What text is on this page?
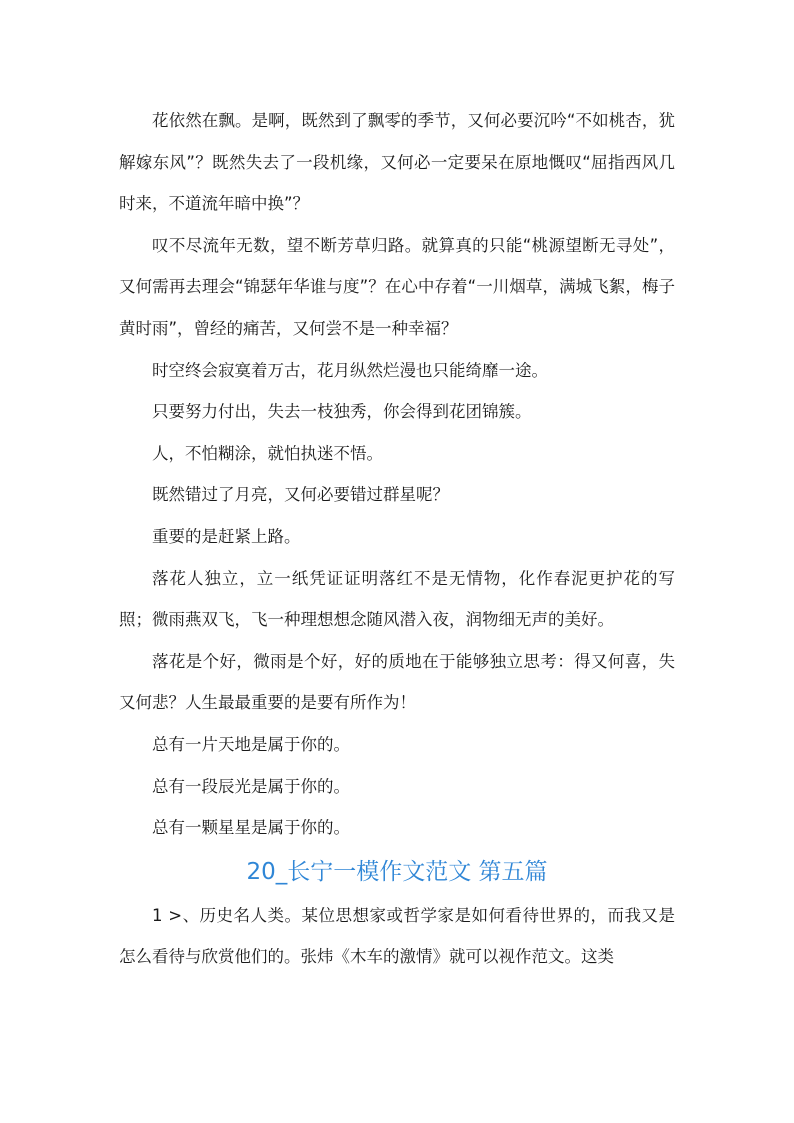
花依然在飘。是啊，既然到了飘零的季节，又何必要沉吟“不如桃杏，犹解嫁东风”？既然失去了一段机缘，又何必一定要呆在原地慨叹“屈指西风几时来，不道流年暗中换”？

叹不尽流年无数，望不断芳草归路。就算真的只能“桃源望断无寻处”，又何需再去理会“锦瑟年华谁与度”？在心中存着“一川烟草，满城飞絮，梅子黄时雨”，曾经的痛苦，又何尝不是一种幸福？

时空终会寂寞着万古，花月纵然烂漫也只能绮靡一途。

只要努力付出，失去一枝独秀，你会得到花团锦簇。

人，不怕糊涂，就怕执迷不悟。

既然错过了月亮，又何必要错过群星呢？

重要的是赶紧上路。

落花人独立，立一纸凭证证明落红不是无情物，化作春泥更护花的写照；微雨燕双飞，飞一种理想想念随风潜入夜，润物细无声的美好。

落花是个好，微雨是个好，好的质地在于能够独立思考：得又何喜，失又何悲？人生最最重要的是要有所作为！

总有一片天地是属于你的。

总有一段辰光是属于你的。

总有一颗星星是属于你的。

20_长宁一模作文范文 第五篇

1 >、历史名人类。某位思想家或哲学家是如何看待世界的，而我又是怎么看待与欣赏他们的。张炜《木车的激情》就可以视作范文。这类
